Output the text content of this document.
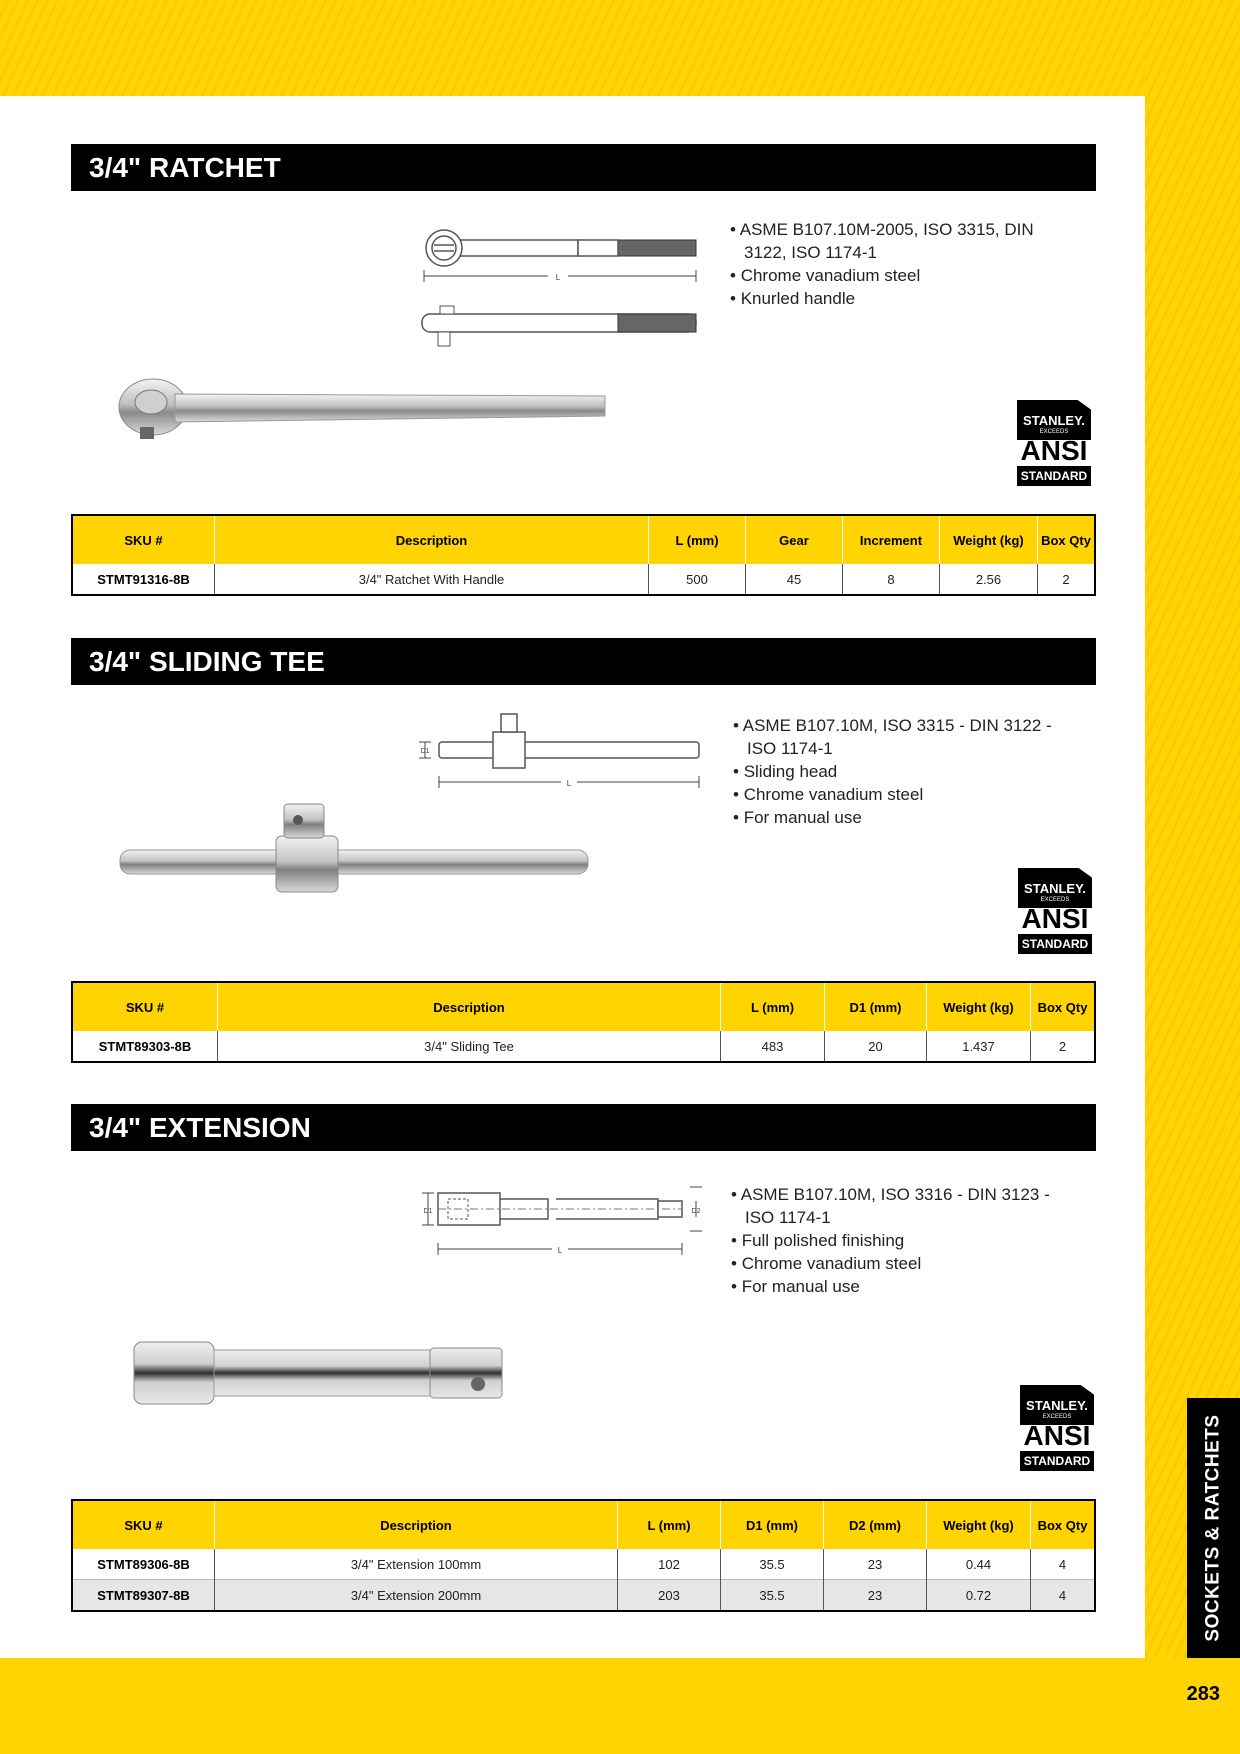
SOCKETS & RATCHETS
283
3/4" RATCHET
L
• ASME B107.10M-2005, ISO 3315, DIN 3122, ISO 1174-1
• Chrome vanadium steel
• Knurled handle
STANLEY.
EXCEEDS
ANSI
STANDARD
SKU #	Description	L (mm)	Gear	Increment	Weight (kg)	Box Qty
STMT91316-8B	3/4" Ratchet With Handle	500	45	8	2.56	2
3/4" SLIDING TEE
D1
L
• ASME B107.10M, ISO 3315 - DIN 3122 - ISO 1174-1
• Sliding head
• Chrome vanadium steel
• For manual use
STANLEY.
EXCEEDS
ANSI
STANDARD
SKU #	Description	L (mm)	D1 (mm)	Weight (kg)	Box Qty
STMT89303-8B	3/4" Sliding Tee	483	20	1.437	2
3/4" EXTENSION
D1	D2
L
• ASME B107.10M, ISO 3316 - DIN 3123 - ISO 1174-1
• Full polished finishing
• Chrome vanadium steel
• For manual use
STANLEY.
EXCEEDS
ANSI
STANDARD
SKU #	Description	L (mm)	D1 (mm)	D2 (mm)	Weight (kg)	Box Qty
STMT89306-8B	3/4" Extension 100mm	102	35.5	23	0.44	4
STMT89307-8B	3/4" Extension 200mm	203	35.5	23	0.72	4
